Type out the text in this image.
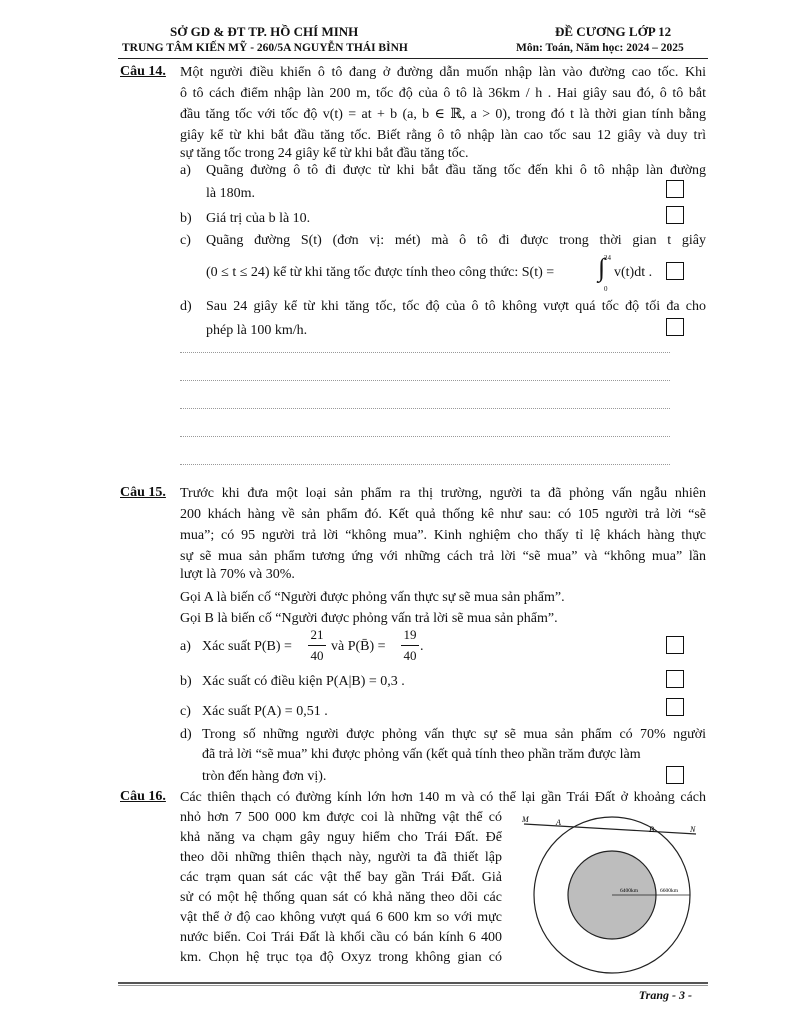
SỞ GD & ĐT TP. HỒ CHÍ MINH
TRUNG TÂM KIẾN MỸ - 260/5A NGUYỄN THÁI BÌNH
ĐỀ CƯƠNG LỚP 12
Môn: Toán, Năm học: 2024 – 2025
Câu 14. Một người điều khiển ô tô đang ở đường dẫn muốn nhập làn vào đường cao tốc. Khi
ô tô cách điểm nhập làn 200 m, tốc độ của ô tô là 36km / h . Hai giây sau đó, ô tô bắt
đầu tăng tốc với tốc độ v(t) = at + b (a, b ∈ ℝ, a > 0), trong đó t là thời gian tính bằng
giây kể từ khi bắt đầu tăng tốc. Biết rằng ô tô nhập làn cao tốc sau 12 giây và duy trì
sự tăng tốc trong 24 giây kể từ khi bắt đầu tăng tốc.
a) Quãng đường ô tô đi được từ khi bắt đầu tăng tốc đến khi ô tô nhập làn đường
là 180m.
b) Giá trị của b là 10.
c) Quãng đường S(t) (đơn vị: mét) mà ô tô đi được trong thời gian t giây
(0 ≤ t ≤ 24) kể từ khi tăng tốc được tính theo công thức: S(t) =
24
∫
0
v(t)dt .
d) Sau 24 giây kể từ khi tăng tốc, tốc độ của ô tô không vượt quá tốc độ tối đa cho
phép là 100 km/h.
Câu 15. Trước khi đưa một loại sản phẩm ra thị trường, người ta đã phỏng vấn ngẫu nhiên
200 khách hàng về sản phẩm đó. Kết quả thống kê như sau: có 105 người trả lời “sẽ
mua”; có 95 người trả lời “không mua”. Kinh nghiệm cho thấy tỉ lệ khách hàng thực
sự sẽ mua sản phẩm tương ứng với những cách trả lời “sẽ mua” và “không mua” lần
lượt là 70% và 30%.
Gọi A là biến cố “Người được phỏng vấn thực sự sẽ mua sản phẩm”.
Gọi B là biến cố “Người được phỏng vấn trả lời sẽ mua sản phẩm”.
a) Xác suất P(B) =
21
40
và P(B̄) =
19
40
.
b) Xác suất có điều kiện P(A|B) = 0,3 .
c) Xác suất P(A) = 0,51 .
d) Trong số những người được phỏng vấn thực sự sẽ mua sản phẩm có 70% người
đã trả lời “sẽ mua” khi được phỏng vấn (kết quả tính theo phần trăm được làm
tròn đến hàng đơn vị).
Câu 16. Các thiên thạch có đường kính lớn hơn 140 m và có thể lại gần Trái Đất ở khoảng cách
nhỏ hơn 7 500 000 km được coi là những vật thể có
khả năng va chạm gây nguy hiểm cho Trái Đất. Để
theo dõi những thiên thạch này, người ta đã thiết lập
các trạm quan sát các vật thể bay gần Trái Đất. Giả
sử có một hệ thống quan sát có khả năng theo dõi các
vật thể ở độ cao không vượt quá 6 600 km so với mực
nước biển. Coi Trái Đất là khối cầu có bán kính 6 400
km. Chọn hệ trục tọa độ Oxyz trong không gian có
M	A
B	N
6400km	6600km
Trang - 3 -
